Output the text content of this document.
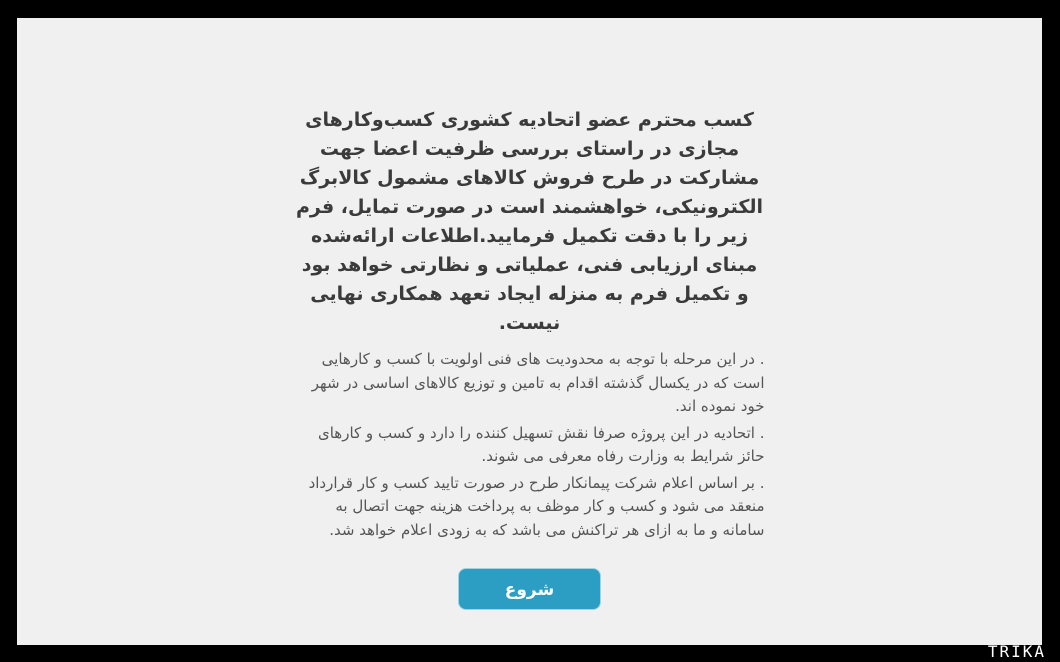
کسب محترم عضو اتحادیه کشوری کسب‌وکارهای مجازی در راستای بررسی ظرفیت اعضا جهت مشارکت در طرح فروش کالاهای مشمول کالابرگ الکترونیکی، خواهشمند است در صورت تمایل، فرم زیر را با دقت تکمیل فرمایید.اطلاعات ارائه‌شده مبنای ارزیابی فنی، عملیاتی و نظارتی خواهد بود و تکمیل فرم به منزله ایجاد تعهد همکاری نهایی نیست.

. در این مرحله با توجه به محدودیت های فنی اولویت با کسب و کارهایی است که در یکسال گذشته اقدام به تامین و توزیع کالاهای اساسی در شهر خود نموده اند.

. اتحادیه در این پروژه صرفا نقش تسهیل کننده را دارد و کسب و کارهای حائز شرایط به وزارت رفاه معرفی می شوند.

. بر اساس اعلام شرکت پیمانکار طرح در صورت تایید کسب و کار قرارداد منعقد می شود و کسب و کار موظف به پرداخت هزینه جهت اتصال به سامانه و ما به ازای هر تراکنش می باشد که به زودی اعلام خواهد شد.

شروع
TRIKA
